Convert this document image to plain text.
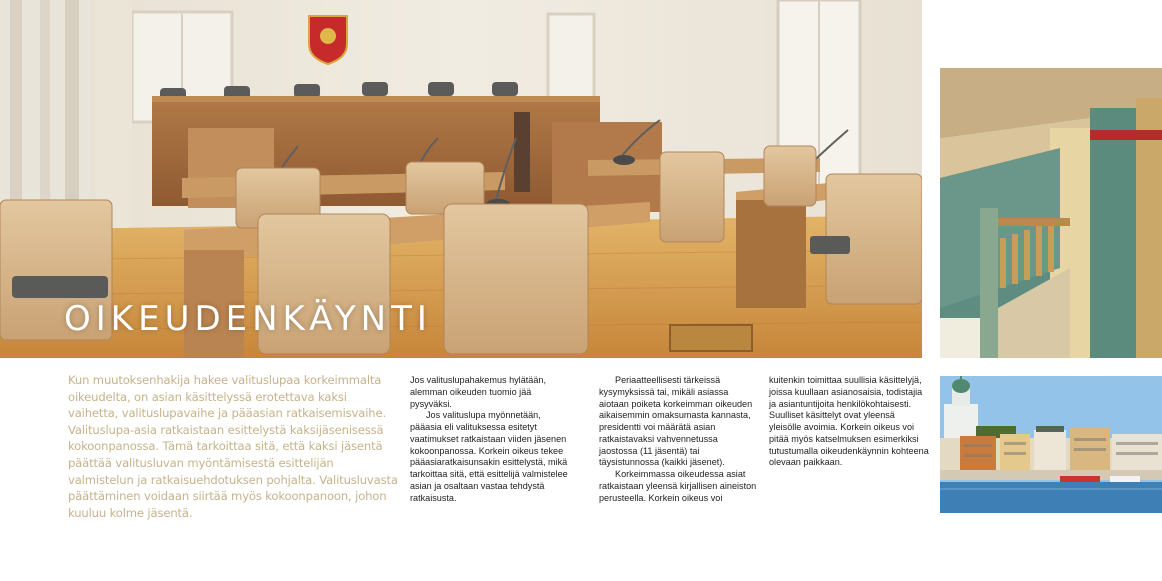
OIKEUDENKÄYNTI

Kun muutoksenhakija hakee valituslupaa korkeimmalta oikeudelta, on asian käsittelyssä erotettava kaksi vaihetta, valituslupavaihe ja pääasian ratkaisemisvaihe. Valituslupa-asia ratkaistaan esittelystä kaksijäsenisessä kokoonpanossa. Tämä tarkoittaa sitä, että kaksi jäsentä päättää valitusluvan myöntämisestä esittelijän valmistelun ja ratkaisuehdotuksen pohjalta. Valitusluvasta päättäminen voidaan siirtää myös kokoonpanoon, johon kuuluu kolme jäsentä.

Jos valituslupahakemus hylätään, alemman oikeuden tuomio jää pysyväksi.

Jos valituslupa myönnetään, pääasia eli valituksessa esitetyt vaatimukset ratkaistaan viiden jäsenen kokoonpanossa. Korkein oikeus tekee pääasiaratkaisunsakin esittelystä, mikä tarkoittaa sitä, että esittelijä valmistelee asian ja osaltaan vastaa tehdystä ratkaisusta.

Periaatteellisesti tärkeissä kysymyksissä tai, mikäli asiassa aiotaan poiketa korkeimman oikeuden aikaisemmin omaksumasta kannasta, presidentti voi määrätä asian ratkaistavaksi vahvennetussa jaostossa (11 jäsentä) tai täysistunnossa (kaikki jäsenet).

Korkeimmassa oikeudessa asiat ratkaistaan yleensä kirjallisen aineiston perusteella. Korkein oikeus voi

kuitenkin toimittaa suullisia käsittelyjä, joissa kuullaan asianosaisia, todistajia ja asiantuntijoita henkilökohtaisesti. Suulliset käsittelyt ovat yleensä yleisölle avoimia. Korkein oikeus voi pitää myös katselmuksen esimerkiksi tutustumalla oikeudenkäynnin kohteena olevaan paikkaan.
